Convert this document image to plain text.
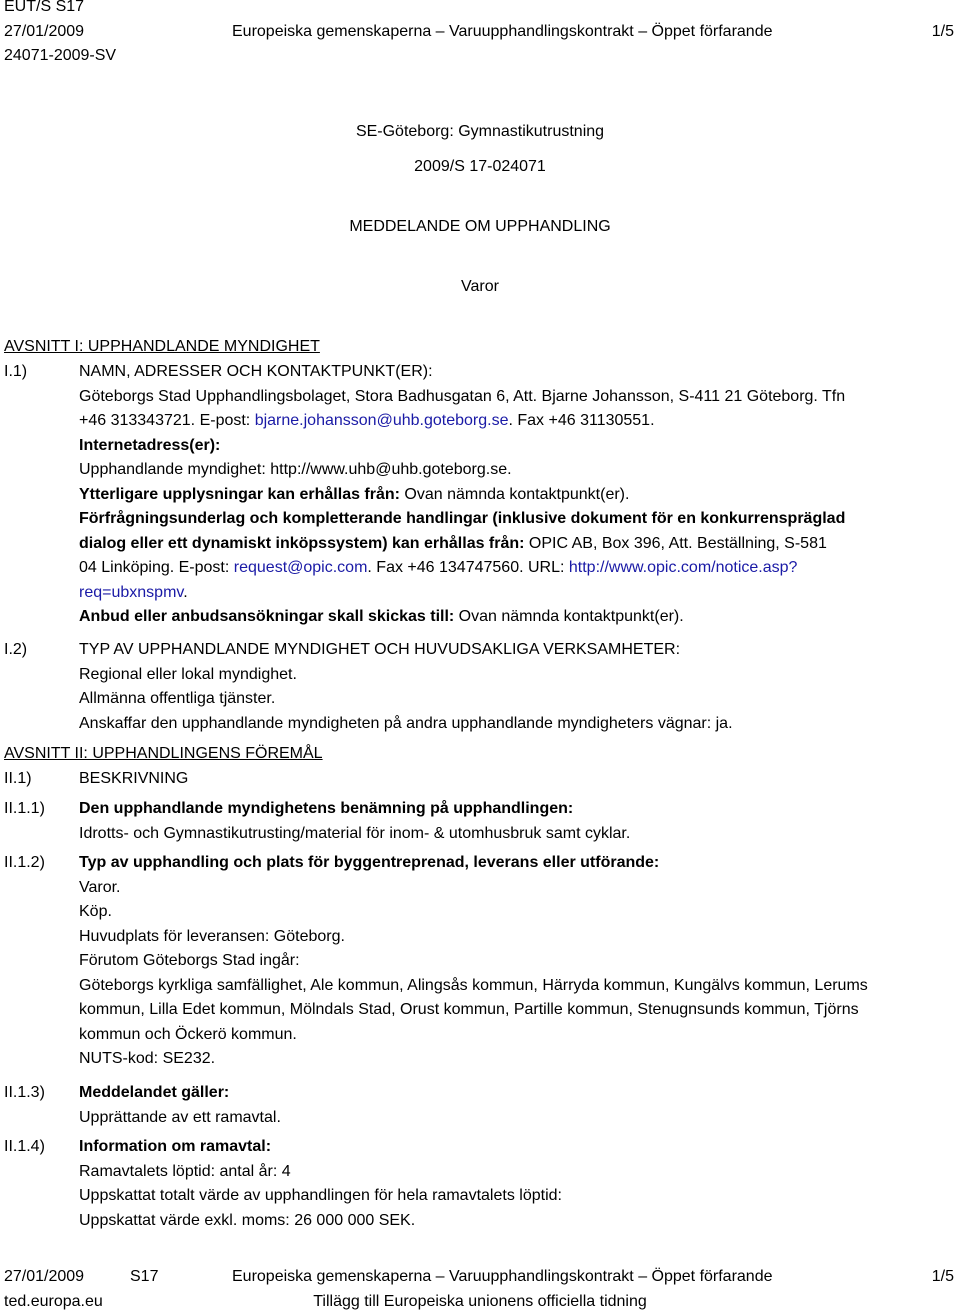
EUT/S S17
27/01/2009
24071-2009-SV
Europeiska gemenskaperna – Varuupphandlingskontrakt – Öppet förfarande	1/5
SE-Göteborg: Gymnastikutrustning
2009/S 17-024071
MEDDELANDE OM UPPHANDLING
Varor
AVSNITT I: UPPHANDLANDE MYNDIGHET
I.1)	NAMN, ADRESSER OCH KONTAKTPUNKT(ER):
Göteborgs Stad Upphandlingsbolaget, Stora Badhusgatan 6, Att. Bjarne Johansson, S-411 21 Göteborg. Tfn
+46 313343721. E-post: bjarne.johansson@uhb.goteborg.se. Fax +46 31130551.
Internetadress(er):
Upphandlande myndighet: http://www.uhb@uhb.goteborg.se.
Ytterligare upplysningar kan erhållas från: Ovan nämnda kontaktpunkt(er).
Förfrågningsunderlag och kompletterande handlingar (inklusive dokument för en konkurrenspräglad
dialog eller ett dynamiskt inköpssystem) kan erhållas från: OPIC AB, Box 396, Att. Beställning, S-581
04 Linköping. E-post: request@opic.com. Fax +46 134747560. URL: http://www.opic.com/notice.asp?
req=ubxnspmv.
Anbud eller anbudsansökningar skall skickas till: Ovan nämnda kontaktpunkt(er).
I.2)	TYP AV UPPHANDLANDE MYNDIGHET OCH HUVUDSAKLIGA VERKSAMHETER:
Regional eller lokal myndighet.
Allmänna offentliga tjänster.
Anskaffar den upphandlande myndigheten på andra upphandlande myndigheters vägnar: ja.
AVSNITT II: UPPHANDLINGENS FÖREMÅL
II.1)	BESKRIVNING
II.1.1) Den upphandlande myndighetens benämning på upphandlingen:
Idrotts- och Gymnastikutrusting/material för inom- & utomhusbruk samt cyklar.
II.1.2) Typ av upphandling och plats för byggentreprenad, leverans eller utförande:
Varor.
Köp.
Huvudplats för leveransen: Göteborg.
Förutom Göteborgs Stad ingår:
Göteborgs kyrkliga samfällighet, Ale kommun, Alingsås kommun, Härryda kommun, Kungälvs kommun, Lerums
kommun, Lilla Edet kommun, Mölndals Stad, Orust kommun, Partille kommun, Stenugnsunds kommun, Tjörns
kommun och Öckerö kommun.
NUTS-kod: SE232.
II.1.3) Meddelandet gäller:
Upprättande av ett ramavtal.
II.1.4) Information om ramavtal:
Ramavtalets löptid: antal år: 4
Uppskattat totalt värde av upphandlingen för hela ramavtalets löptid:
Uppskattat värde exkl. moms: 26 000 000 SEK.
27/01/2009	S17	Europeiska gemenskaperna – Varuupphandlingskontrakt – Öppet förfarande	1/5
ted.europa.eu	Tillägg till Europeiska unionens officiella tidning
